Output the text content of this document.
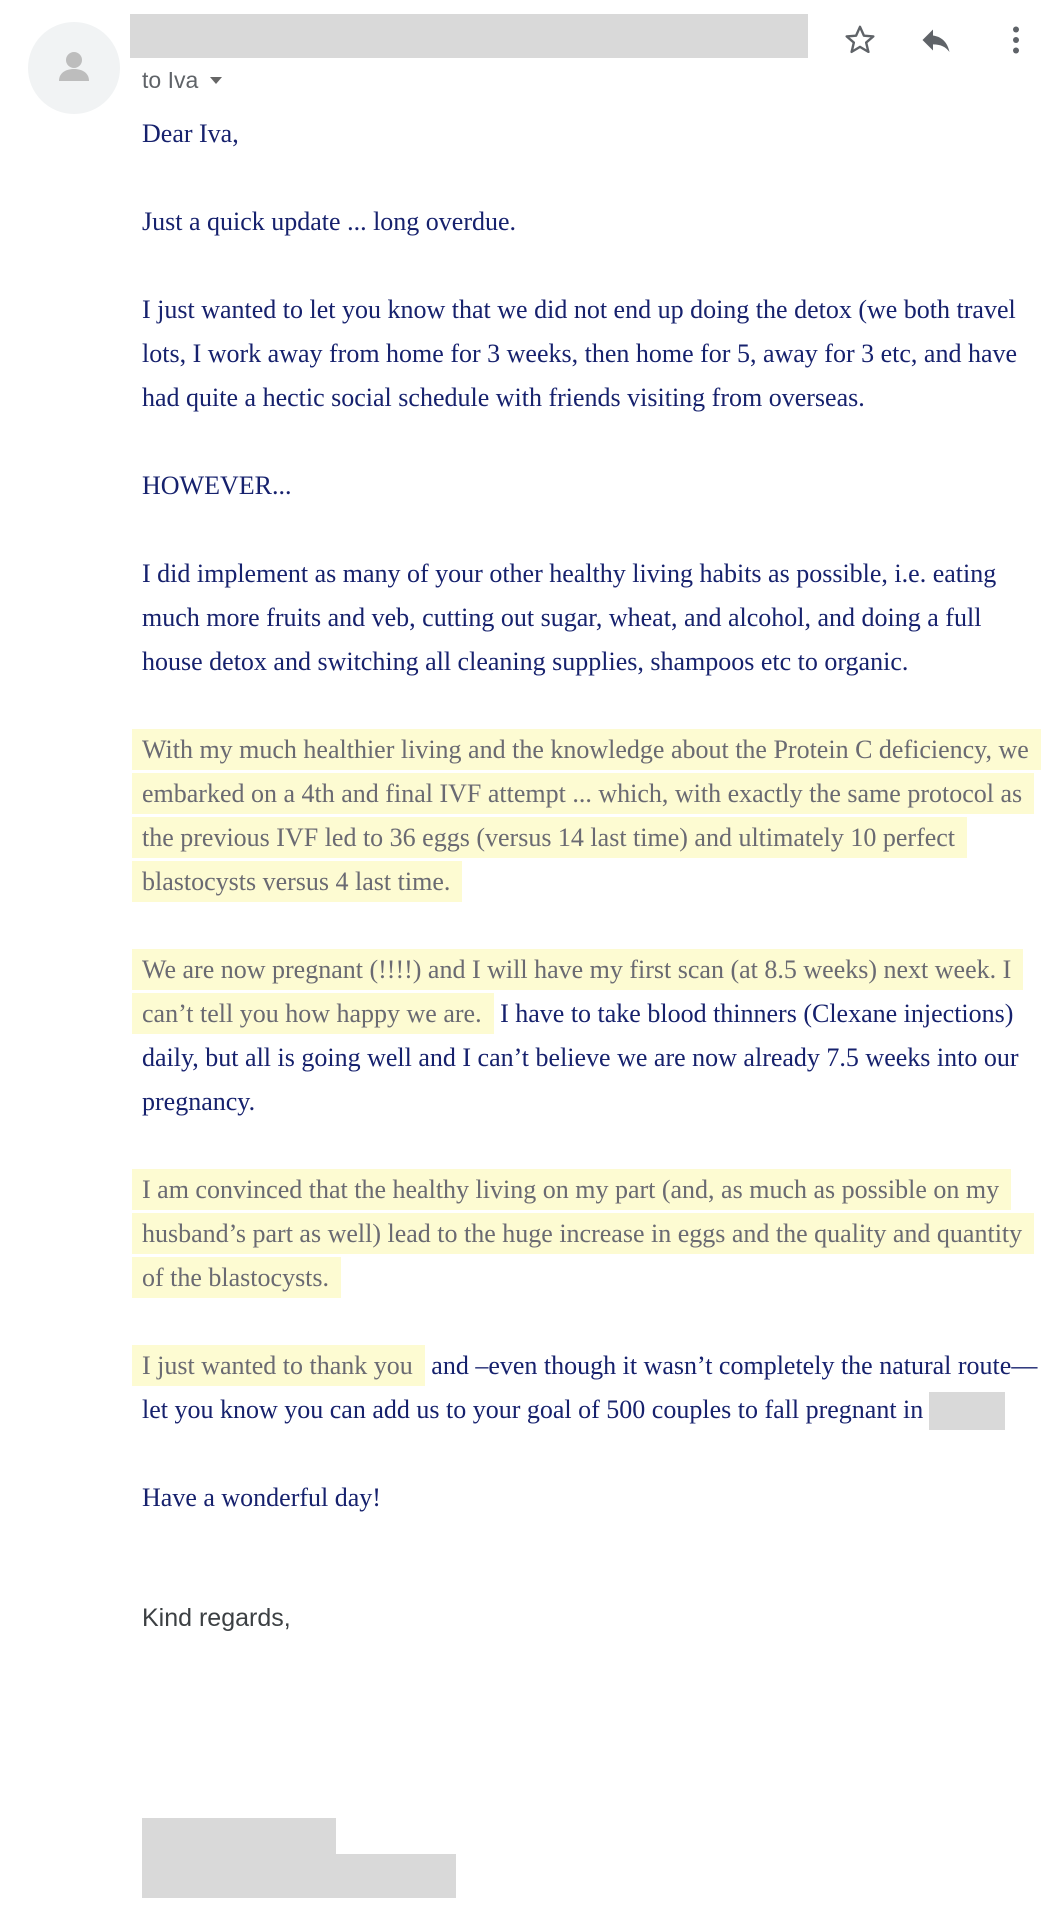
to Iva

Dear Iva,

Just a quick update ... long overdue.

I just wanted to let you know that we did not end up doing the detox (we both travel lots, I work away from home for 3 weeks, then home for 5, away for 3 etc, and have had quite a hectic social schedule with friends visiting from overseas.

HOWEVER...

I did implement as many of your other healthy living habits as possible, i.e. eating much more fruits and veb, cutting out sugar, wheat, and alcohol, and doing a full house detox and switching all cleaning supplies, shampoos etc to organic.

With my much healthier living and the knowledge about the Protein C deficiency, we embarked on a 4th and final IVF attempt ... which, with exactly the same protocol as the previous IVF led to 36 eggs (versus 14 last time) and ultimately 10 perfect blastocysts versus 4 last time.

We are now pregnant (!!!!) and I will have my first scan (at 8.5 weeks) next week. I can’t tell you how happy we are. I have to take blood thinners (Clexane injections) daily, but all is going well and I can’t believe we are now already 7.5 weeks into our pregnancy.

I am convinced that the healthy living on my part (and, as much as possible on my husband’s part as well) lead to the huge increase in eggs and the quality and quantity of the blastocysts.

I just wanted to thank you and –even though it wasn’t completely the natural route—let you know you can add us to your goal of 500 couples to fall pregnant in

Have a wonderful day!

Kind regards,
